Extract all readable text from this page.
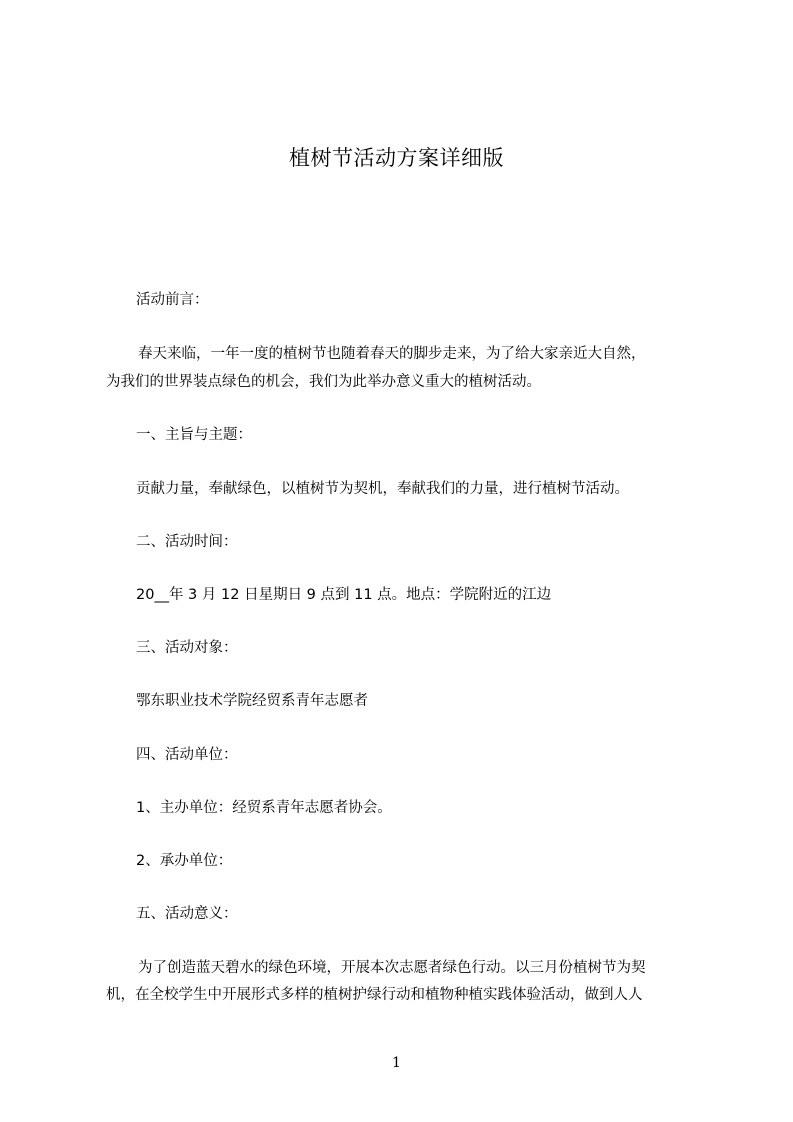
植树节活动方案详细版
活动前言：
春天来临，一年一度的植树节也随着春天的脚步走来，为了给大家亲近大自然，
为我们的世界装点绿色的机会，我们为此举办意义重大的植树活动。
一、主旨与主题：
贡献力量，奉献绿色，以植树节为契机，奉献我们的力量，进行植树节活动。
二、活动时间：
20__年 3 月 12 日星期日 9 点到 11 点。地点：学院附近的江边
三、活动对象：
鄂东职业技术学院经贸系青年志愿者
四、活动单位：
1、主办单位：经贸系青年志愿者协会。
2、承办单位：
五、活动意义：
为了创造蓝天碧水的绿色环境，开展本次志愿者绿色行动。以三月份植树节为契
机，在全校学生中开展形式多样的植树护绿行动和植物种植实践体验活动，做到人人
1
